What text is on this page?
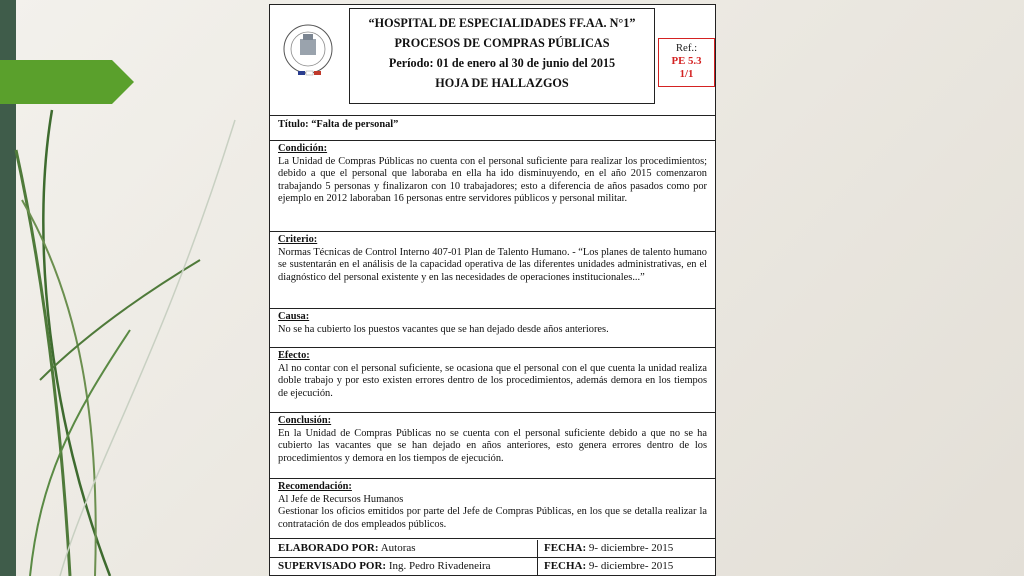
“HOSPITAL DE ESPECIALIDADES FF.AA. N°1”
PROCESOS DE COMPRAS PÚBLICAS
Período: 01 de enero al 30 de junio del 2015
HOJA DE HALLAZGOS
Ref.:
PE 5.3
1/1
Título: “Falta de personal”
Condición:
La Unidad de Compras Públicas no cuenta con el personal suficiente para realizar los procedimientos; debido a que el personal que laboraba en ella ha ido disminuyendo, en el año 2015 comenzaron trabajando 5 personas y finalizaron con 10 trabajadores; esto a diferencia de años pasados como por ejemplo en 2012 laboraban 16 personas entre servidores públicos y personal militar.
Criterio:
Normas Técnicas de Control Interno 407-01 Plan de Talento Humano. - “Los planes de talento humano se sustentarán en el análisis de la capacidad operativa de las diferentes unidades administrativas, en el diagnóstico del personal existente y en las necesidades de operaciones institucionales...”
Causa:
No se ha cubierto los puestos vacantes que se han dejado desde años anteriores.
Efecto:
Al no contar con el personal suficiente, se ocasiona que el personal con el que cuenta la unidad realiza doble trabajo y por esto existen errores dentro de los procedimientos, además demora en los tiempos de ejecución.
Conclusión:
En la Unidad de Compras Públicas no se cuenta con el personal suficiente debido a que no se ha cubierto las vacantes que se han dejado en años anteriores, esto genera errores dentro de los procedimientos y demora en los tiempos de ejecución.
Recomendación:
Al Jefe de Recursos Humanos
Gestionar los oficios emitidos por parte del Jefe de Compras Públicas, en los que se detalla realizar la contratación de dos empleados públicos.
ELABORADO POR: Autoras	FECHA: 9- diciembre- 2015
SUPERVISADO POR: Ing. Pedro Rivadeneira	FECHA: 9- diciembre- 2015
